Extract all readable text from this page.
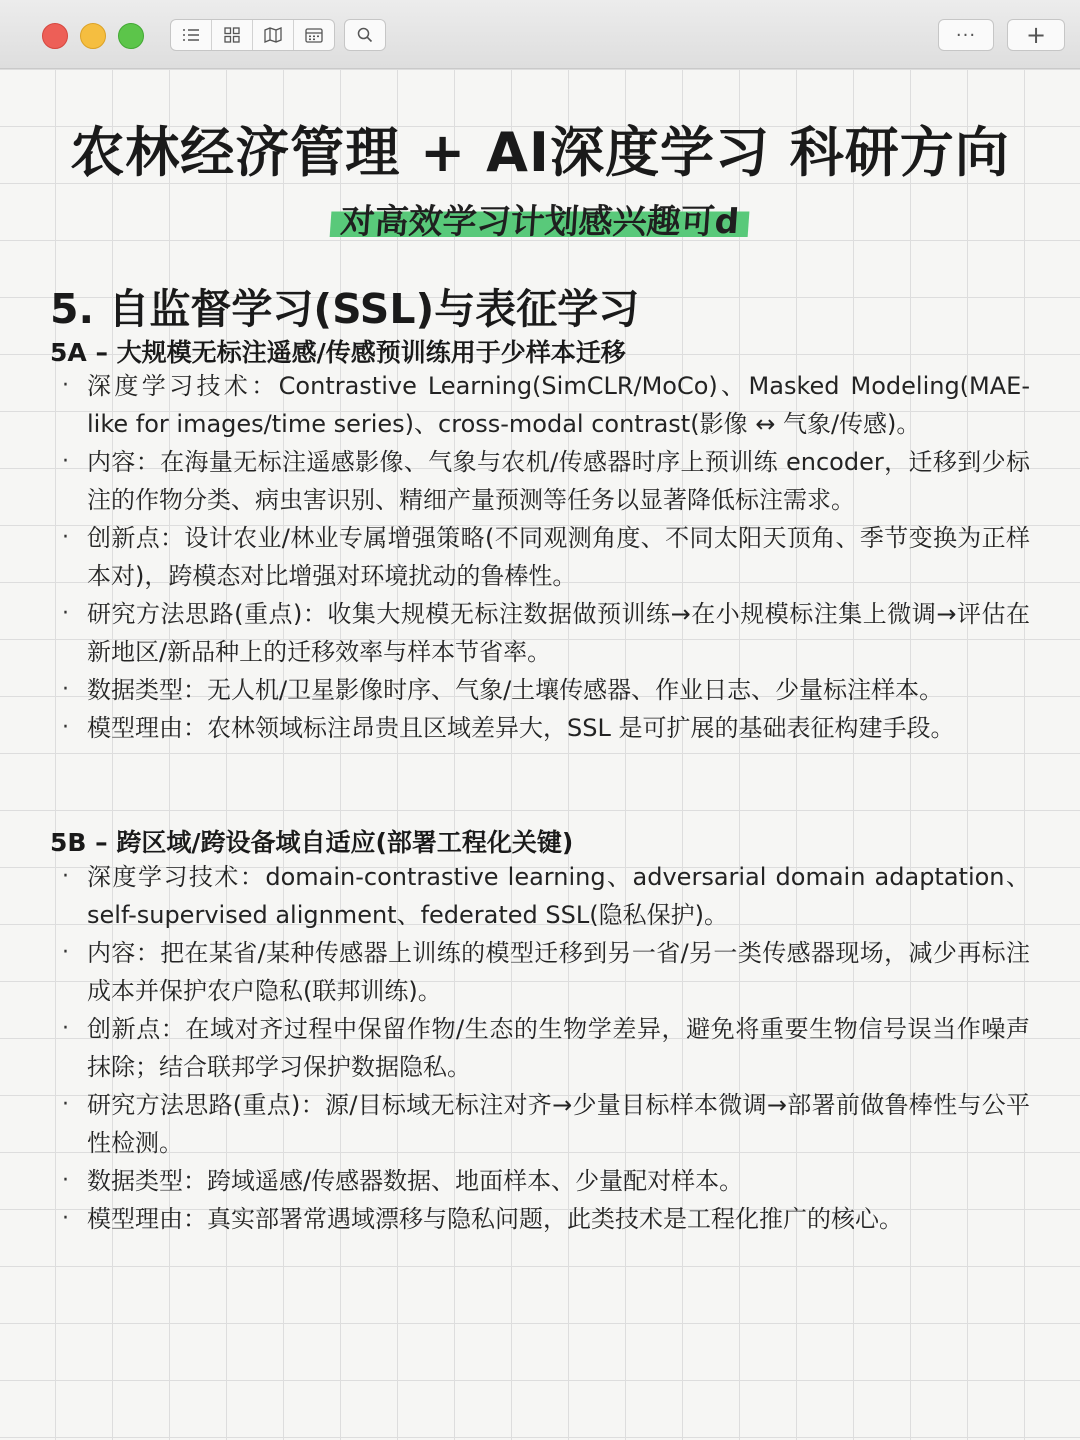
··· +
农林经济管理 + AI深度学习 科研方向
对高效学习计划感兴趣可d
5. 自监督学习(SSL)与表征学习
5A – 大规模无标注遥感/传感预训练用于少样本迁移
· 深度学习技术：Contrastive Learning(SimCLR/MoCo)、Masked Modeling(MAE-like for images/time series)、cross-modal contrast(影像 ↔ 气象/传感)。
· 内容：在海量无标注遥感影像、气象与农机/传感器时序上预训练 encoder，迁移到少标注的作物分类、病虫害识别、精细产量预测等任务以显著降低标注需求。
· 创新点：设计农业/林业专属增强策略(不同观测角度、不同太阳天顶角、季节变换为正样本对)，跨模态对比增强对环境扰动的鲁棒性。
· 研究方法思路(重点)：收集大规模无标注数据做预训练→在小规模标注集上微调→评估在新地区/新品种上的迁移效率与样本节省率。
· 数据类型：无人机/卫星影像时序、气象/土壤传感器、作业日志、少量标注样本。
· 模型理由：农林领域标注昂贵且区域差异大，SSL 是可扩展的基础表征构建手段。
5B – 跨区域/跨设备域自适应(部署工程化关键)
· 深度学习技术：domain-contrastive learning、adversarial domain adaptation、self-supervised alignment、federated SSL(隐私保护)。
· 内容：把在某省/某种传感器上训练的模型迁移到另一省/另一类传感器现场，减少再标注成本并保护农户隐私(联邦训练)。
· 创新点：在域对齐过程中保留作物/生态的生物学差异，避免将重要生物信号误当作噪声抹除；结合联邦学习保护数据隐私。
· 研究方法思路(重点)：源/目标域无标注对齐→少量目标样本微调→部署前做鲁棒性与公平性检测。
· 数据类型：跨域遥感/传感器数据、地面样本、少量配对样本。
· 模型理由：真实部署常遇域漂移与隐私问题，此类技术是工程化推广的核心。
